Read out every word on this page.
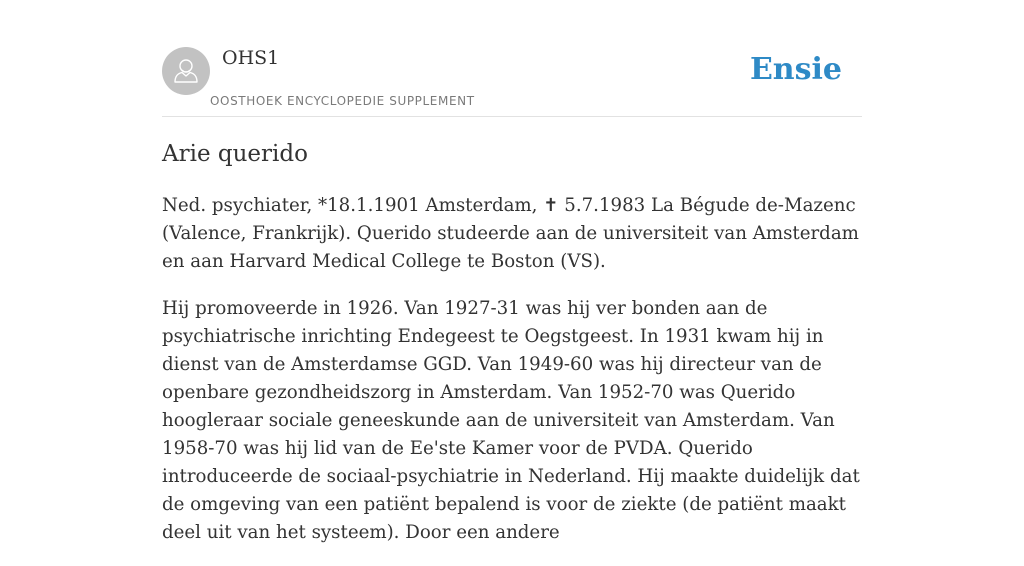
OHS1
OOSTHOEK ENCYCLOPEDIE SUPPLEMENT
Ensie
Arie querido

Ned. psychiater, *18.1.1901 Amsterdam, ✝ 5.7.1983 La Bégude de-Mazenc (Valence, Frankrijk). Querido studeerde aan de universiteit van Amsterdam en aan Harvard Medical College te Boston (VS).

Hij promoveerde in 1926. Van 1927-31 was hij ver bonden aan de psychiatrische inrichting Endegeest te Oegstgeest. In 1931 kwam hij in dienst van de Amsterdamse GGD. Van 1949-60 was hij directeur van de openbare gezondheidszorg in Amsterdam. Van 1952-70 was Querido hoogleraar sociale geneeskunde aan de universiteit van Amsterdam. Van 1958-70 was hij lid van de Ee'ste Kamer voor de PVDA. Querido introduceerde de sociaal-psychiatrie in Nederland. Hij maakte duidelijk dat de omgeving van een patiënt bepalend is voor de ziekte (de patiënt maakt deel uit van het systeem). Door een andere
